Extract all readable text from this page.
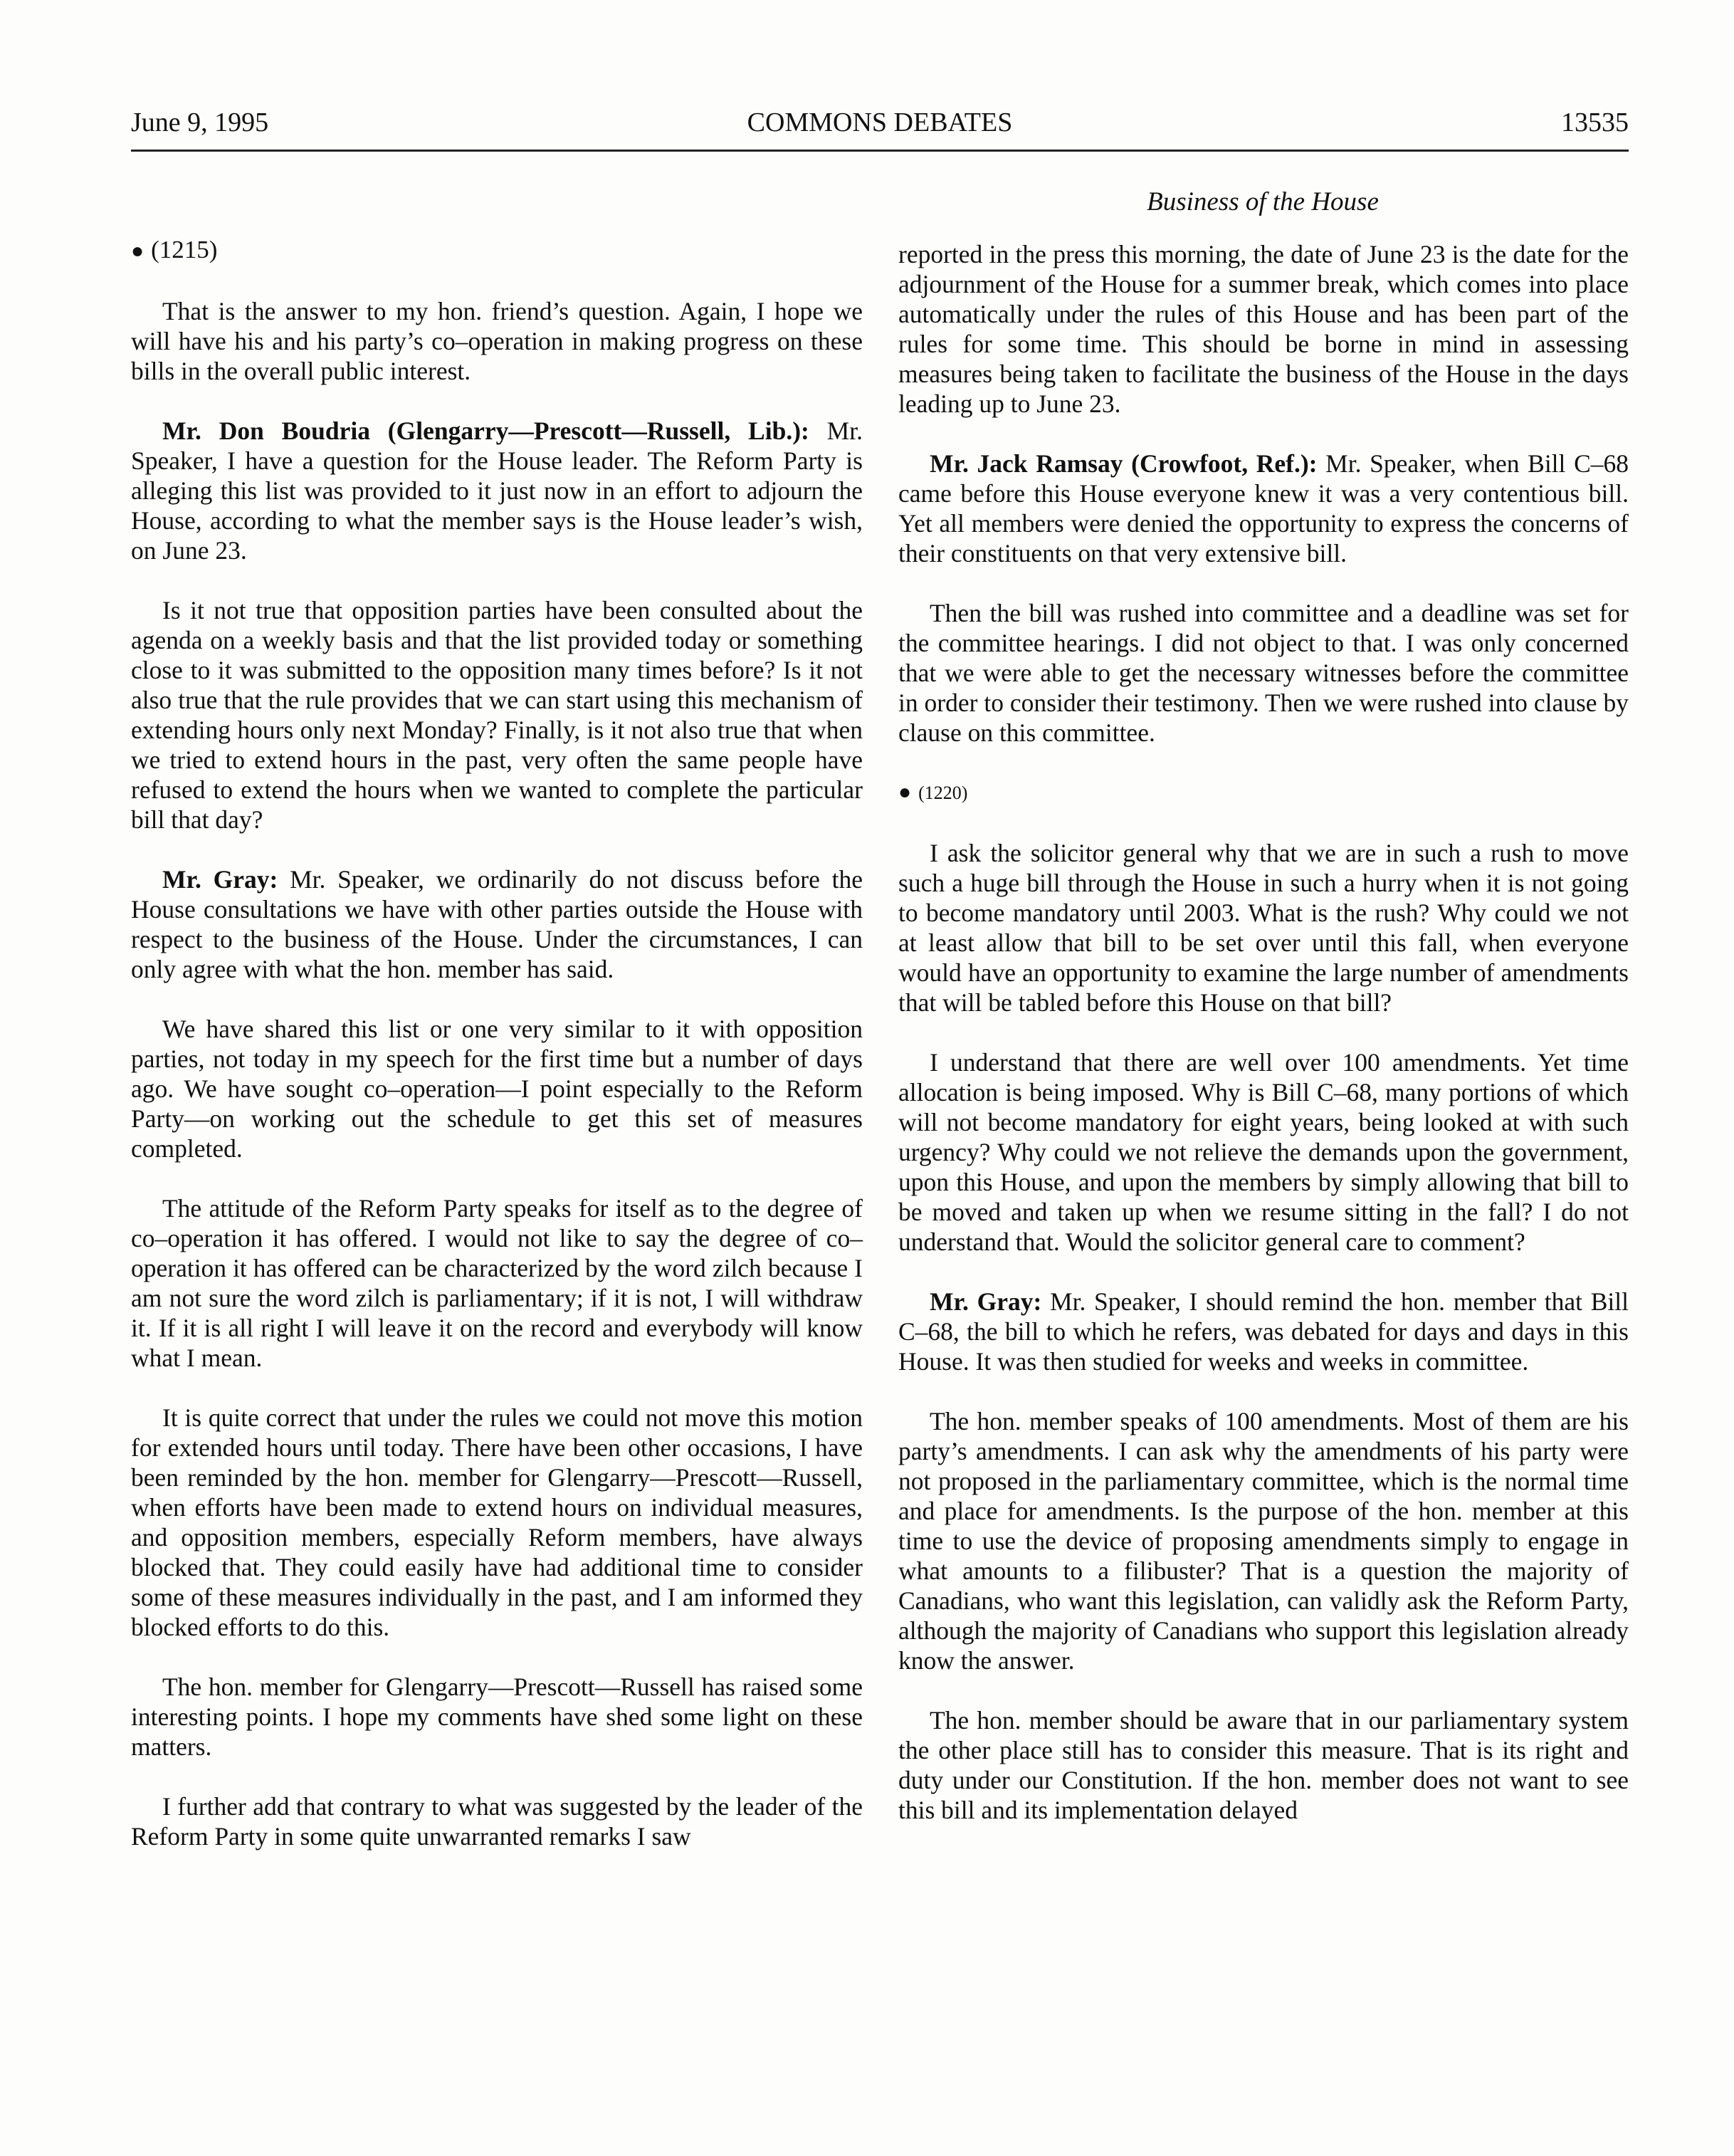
June 9, 1995	COMMONS DEBATES	13535
Business of the House
● (1215)

That is the answer to my hon. friend’s question. Again, I hope we will have his and his party’s co–operation in making progress on these bills in the overall public interest.

Mr. Don Boudria (Glengarry—Prescott—Russell, Lib.): Mr. Speaker, I have a question for the House leader. The Reform Party is alleging this list was provided to it just now in an effort to adjourn the House, according to what the member says is the House leader’s wish, on June 23.

Is it not true that opposition parties have been consulted about the agenda on a weekly basis and that the list provided today or something close to it was submitted to the opposition many times before? Is it not also true that the rule provides that we can start using this mechanism of extending hours only next Monday? Finally, is it not also true that when we tried to extend hours in the past, very often the same people have refused to extend the hours when we wanted to complete the particular bill that day?

Mr. Gray: Mr. Speaker, we ordinarily do not discuss before the House consultations we have with other parties outside the House with respect to the business of the House. Under the circumstances, I can only agree with what the hon. member has said.

We have shared this list or one very similar to it with opposition parties, not today in my speech for the first time but a number of days ago. We have sought co–operation—I point especially to the Reform Party—on working out the schedule to get this set of measures completed.

The attitude of the Reform Party speaks for itself as to the degree of co–operation it has offered. I would not like to say the degree of co–operation it has offered can be characterized by the word zilch because I am not sure the word zilch is parliamentary; if it is not, I will withdraw it. If it is all right I will leave it on the record and everybody will know what I mean.

It is quite correct that under the rules we could not move this motion for extended hours until today. There have been other occasions, I have been reminded by the hon. member for Glengarry—Prescott—Russell, when efforts have been made to extend hours on individual measures, and opposition members, especially Reform members, have always blocked that. They could easily have had additional time to consider some of these measures individually in the past, and I am informed they blocked efforts to do this.

The hon. member for Glengarry—Prescott—Russell has raised some interesting points. I hope my comments have shed some light on these matters.

I further add that contrary to what was suggested by the leader of the Reform Party in some quite unwarranted remarks I saw

reported in the press this morning, the date of June 23 is the date for the adjournment of the House for a summer break, which comes into place automatically under the rules of this House and has been part of the rules for some time. This should be borne in mind in assessing measures being taken to facilitate the business of the House in the days leading up to June 23.

Mr. Jack Ramsay (Crowfoot, Ref.): Mr. Speaker, when Bill C–68 came before this House everyone knew it was a very contentious bill. Yet all members were denied the opportunity to express the concerns of their constituents on that very extensive bill.

Then the bill was rushed into committee and a deadline was set for the committee hearings. I did not object to that. I was only concerned that we were able to get the necessary witnesses before the committee in order to consider their testimony. Then we were rushed into clause by clause on this committee.

● (1220)

I ask the solicitor general why that we are in such a rush to move such a huge bill through the House in such a hurry when it is not going to become mandatory until 2003. What is the rush? Why could we not at least allow that bill to be set over until this fall, when everyone would have an opportunity to examine the large number of amendments that will be tabled before this House on that bill?

I understand that there are well over 100 amendments. Yet time allocation is being imposed. Why is Bill C–68, many portions of which will not become mandatory for eight years, being looked at with such urgency? Why could we not relieve the demands upon the government, upon this House, and upon the members by simply allowing that bill to be moved and taken up when we resume sitting in the fall? I do not understand that. Would the solicitor general care to comment?

Mr. Gray: Mr. Speaker, I should remind the hon. member that Bill C–68, the bill to which he refers, was debated for days and days in this House. It was then studied for weeks and weeks in committee.

The hon. member speaks of 100 amendments. Most of them are his party’s amendments. I can ask why the amendments of his party were not proposed in the parliamentary committee, which is the normal time and place for amendments. Is the purpose of the hon. member at this time to use the device of proposing amendments simply to engage in what amounts to a filibuster? That is a question the majority of Canadians, who want this legislation, can validly ask the Reform Party, although the majority of Canadians who support this legislation already know the answer.

The hon. member should be aware that in our parliamentary system the other place still has to consider this measure. That is its right and duty under our Constitution. If the hon. member does not want to see this bill and its implementation delayed
